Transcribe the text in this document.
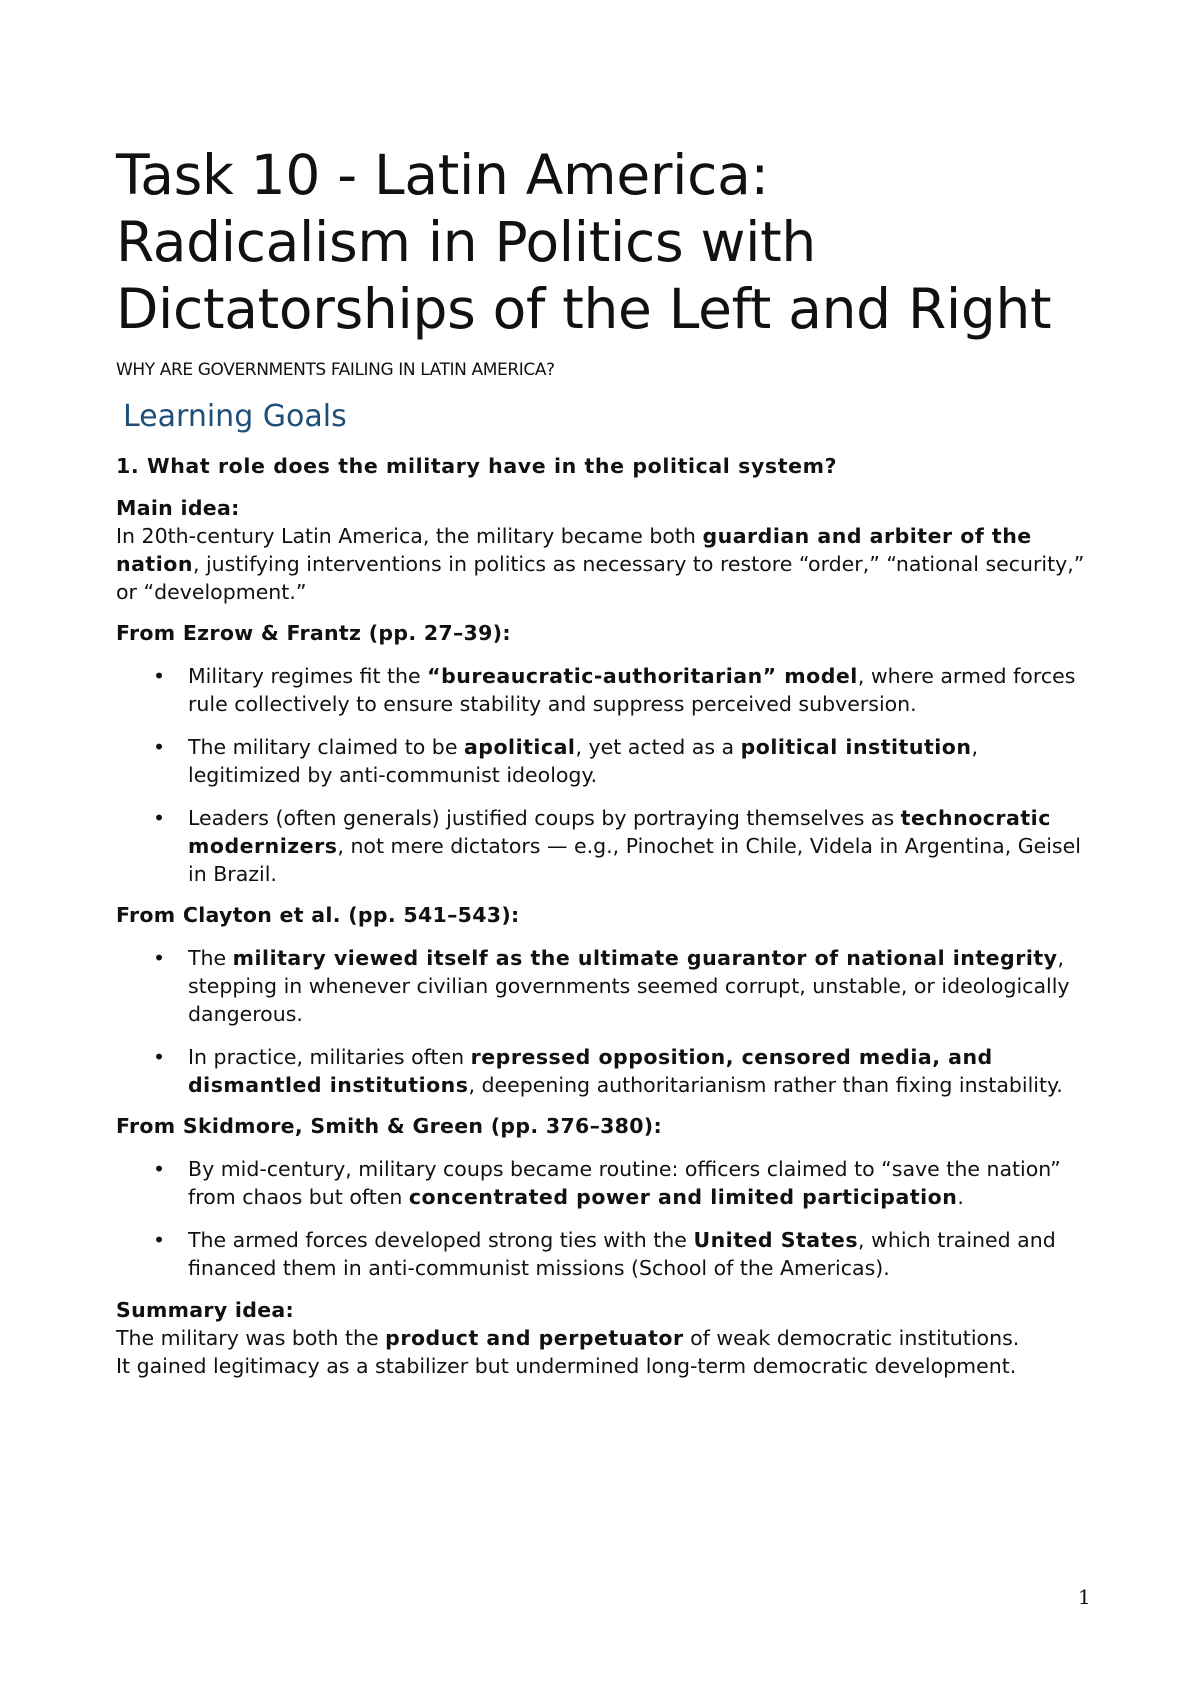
Task 10 - Latin America:
Radicalism in Politics with
Dictatorships of the Left and Right

WHY ARE GOVERNMENTS FAILING IN LATIN AMERICA?

Learning Goals

1. What role does the military have in the political system?

Main idea:

In 20th-century Latin America, the military became both guardian and arbiter of the nation, justifying interventions in politics as necessary to restore “order,” “national security,” or “development.”

From Ezrow & Frantz (pp. 27–39):
• Military regimes fit the “bureaucratic-authoritarian” model, where armed forces rule collectively to ensure stability and suppress perceived subversion.
• The military claimed to be apolitical, yet acted as a political institution, legitimized by anti-communist ideology.
• Leaders (often generals) justified coups by portraying themselves as technocratic modernizers, not mere dictators — e.g., Pinochet in Chile, Videla in Argentina, Geisel in Brazil.
From Clayton et al. (pp. 541–543):
• The military viewed itself as the ultimate guarantor of national integrity, stepping in whenever civilian governments seemed corrupt, unstable, or ideologically dangerous.
• In practice, militaries often repressed opposition, censored media, and dismantled institutions, deepening authoritarianism rather than fixing instability.
From Skidmore, Smith & Green (pp. 376–380):
• By mid-century, military coups became routine: officers claimed to “save the nation” from chaos but often concentrated power and limited participation.
• The armed forces developed strong ties with the United States, which trained and financed them in anti-communist missions (School of the Americas).
Summary idea:

The military was both the product and perpetuator of weak democratic institutions.

It gained legitimacy as a stabilizer but undermined long-term democratic development.

1
